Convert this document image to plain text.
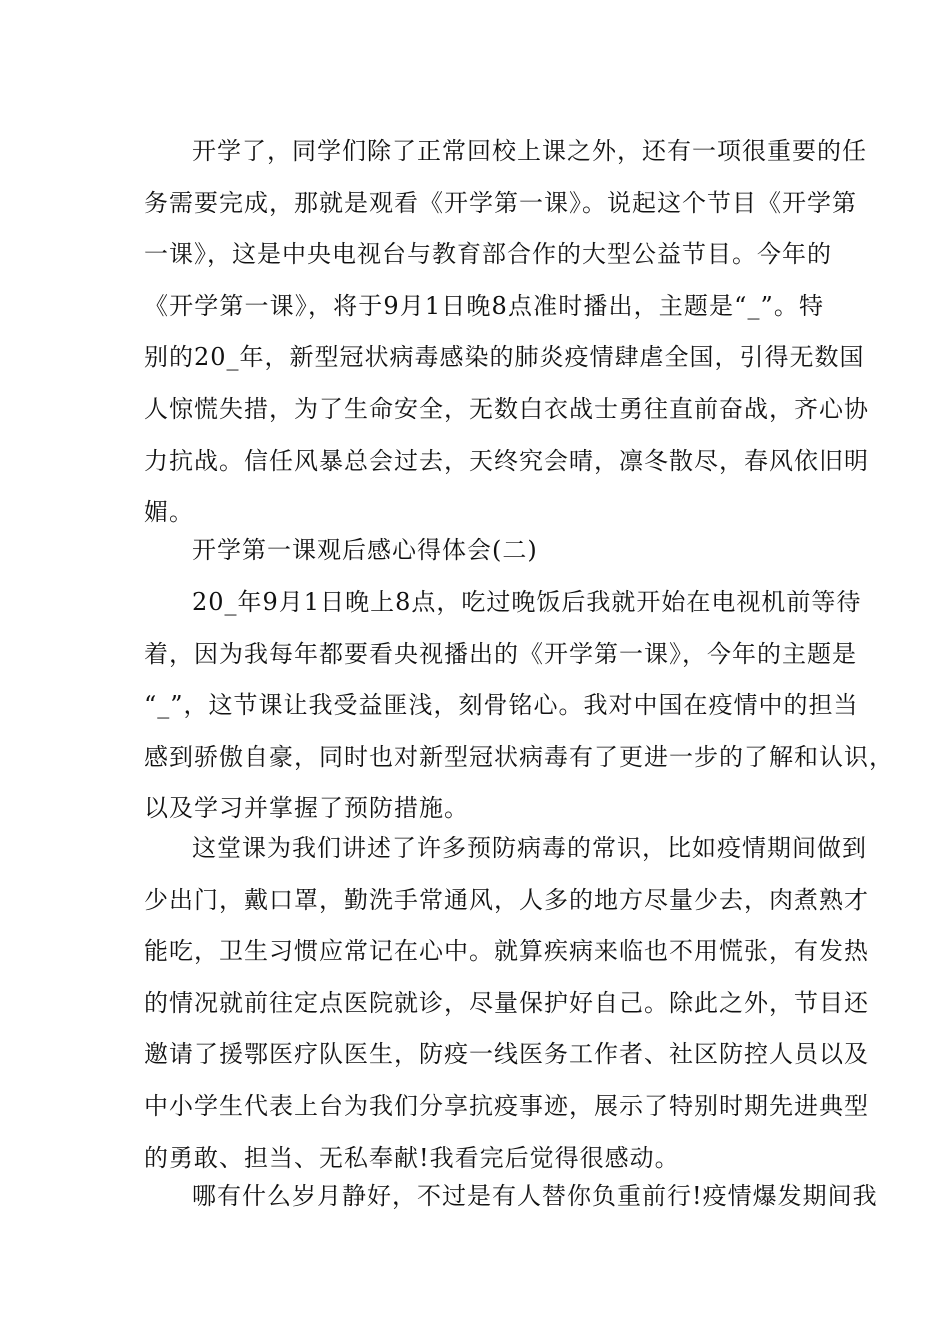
开学了，同学们除了正常回校上课之外，还有一项很重要的任
务需要完成，那就是观看《开学第一课》。说起这个节目《开学第
一课》，这是中央电视台与教育部合作的大型公益节目。今年的
《开学第一课》，将于9月1日晚8点准时播出，主题是“_”。特
别的20_年，新型冠状病毒感染的肺炎疫情肆虐全国，引得无数国
人惊慌失措，为了生命安全，无数白衣战士勇往直前奋战，齐心协
力抗战。信任风暴总会过去，天终究会晴，凛冬散尽，春风依旧明
媚。
开学第一课观后感心得体会(二)
20_年9月1日晚上8点，吃过晚饭后我就开始在电视机前等待
着，因为我每年都要看央视播出的《开学第一课》，今年的主题是
“_”，这节课让我受益匪浅，刻骨铭心。我对中国在疫情中的担当
感到骄傲自豪，同时也对新型冠状病毒有了更进一步的了解和认识，
以及学习并掌握了预防措施。
这堂课为我们讲述了许多预防病毒的常识，比如疫情期间做到
少出门，戴口罩，勤洗手常通风，人多的地方尽量少去，肉煮熟才
能吃，卫生习惯应常记在心中。就算疾病来临也不用慌张，有发热
的情况就前往定点医院就诊，尽量保护好自己。除此之外，节目还
邀请了援鄂医疗队医生，防疫一线医务工作者、社区防控人员以及
中小学生代表上台为我们分享抗疫事迹，展示了特别时期先进典型
的勇敢、担当、无私奉献!我看完后觉得很感动。
哪有什么岁月静好，不过是有人替你负重前行!疫情爆发期间我
